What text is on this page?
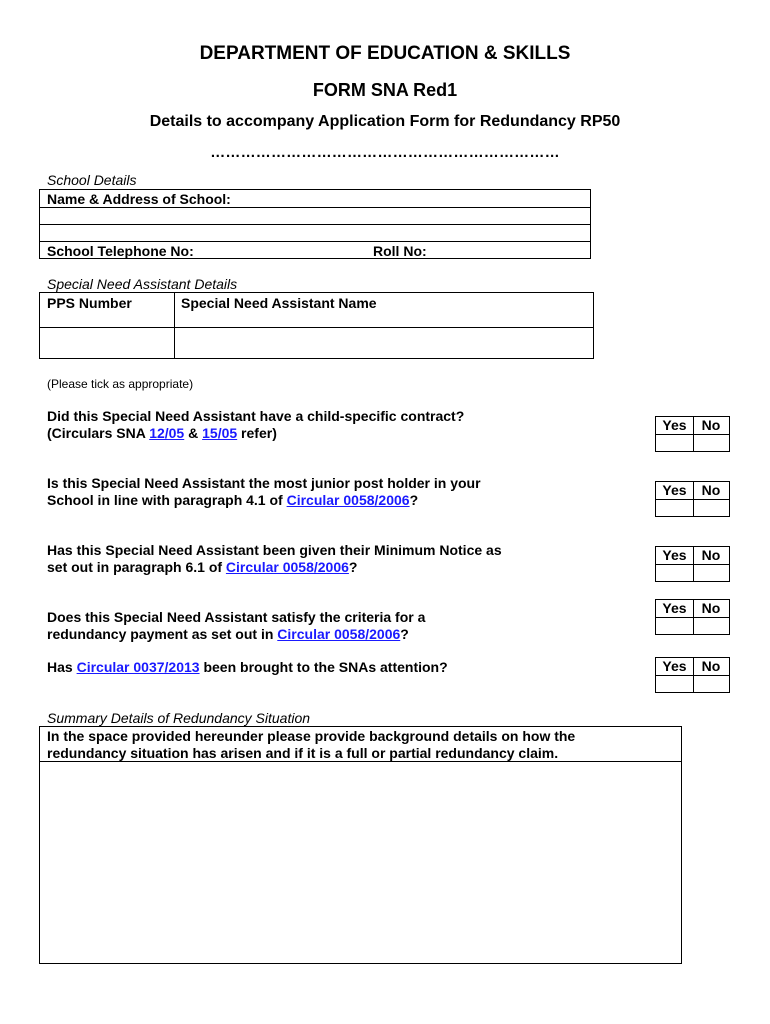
DEPARTMENT OF EDUCATION & SKILLS
FORM SNA Red1
Details to accompany Application Form for Redundancy RP50
……………………………………………………………
School Details
Name & Address of School:
School Telephone No:	Roll No:
Special Need Assistant Details
PPS Number	Special Need Assistant Name
(Please tick as appropriate)
Did this Special Need Assistant have a child-specific contract?
(Circulars SNA 12/05 & 15/05 refer)	Yes	No
Is this Special Need Assistant the most junior post holder in your
School in line with paragraph 4.1 of Circular 0058/2006?
Yes	No
Has this Special Need Assistant been given their Minimum Notice as
set out in paragraph 6.1 of Circular 0058/2006?
Yes	No
Does this Special Need Assistant satisfy the criteria for a
redundancy payment as set out in Circular 0058/2006?
Yes	No
Has Circular 0037/2013 been brought to the SNAs attention?	Yes	No
Summary Details of Redundancy Situation
In the space provided hereunder please provide background details on how the
redundancy situation has arisen and if it is a full or partial redundancy claim.
